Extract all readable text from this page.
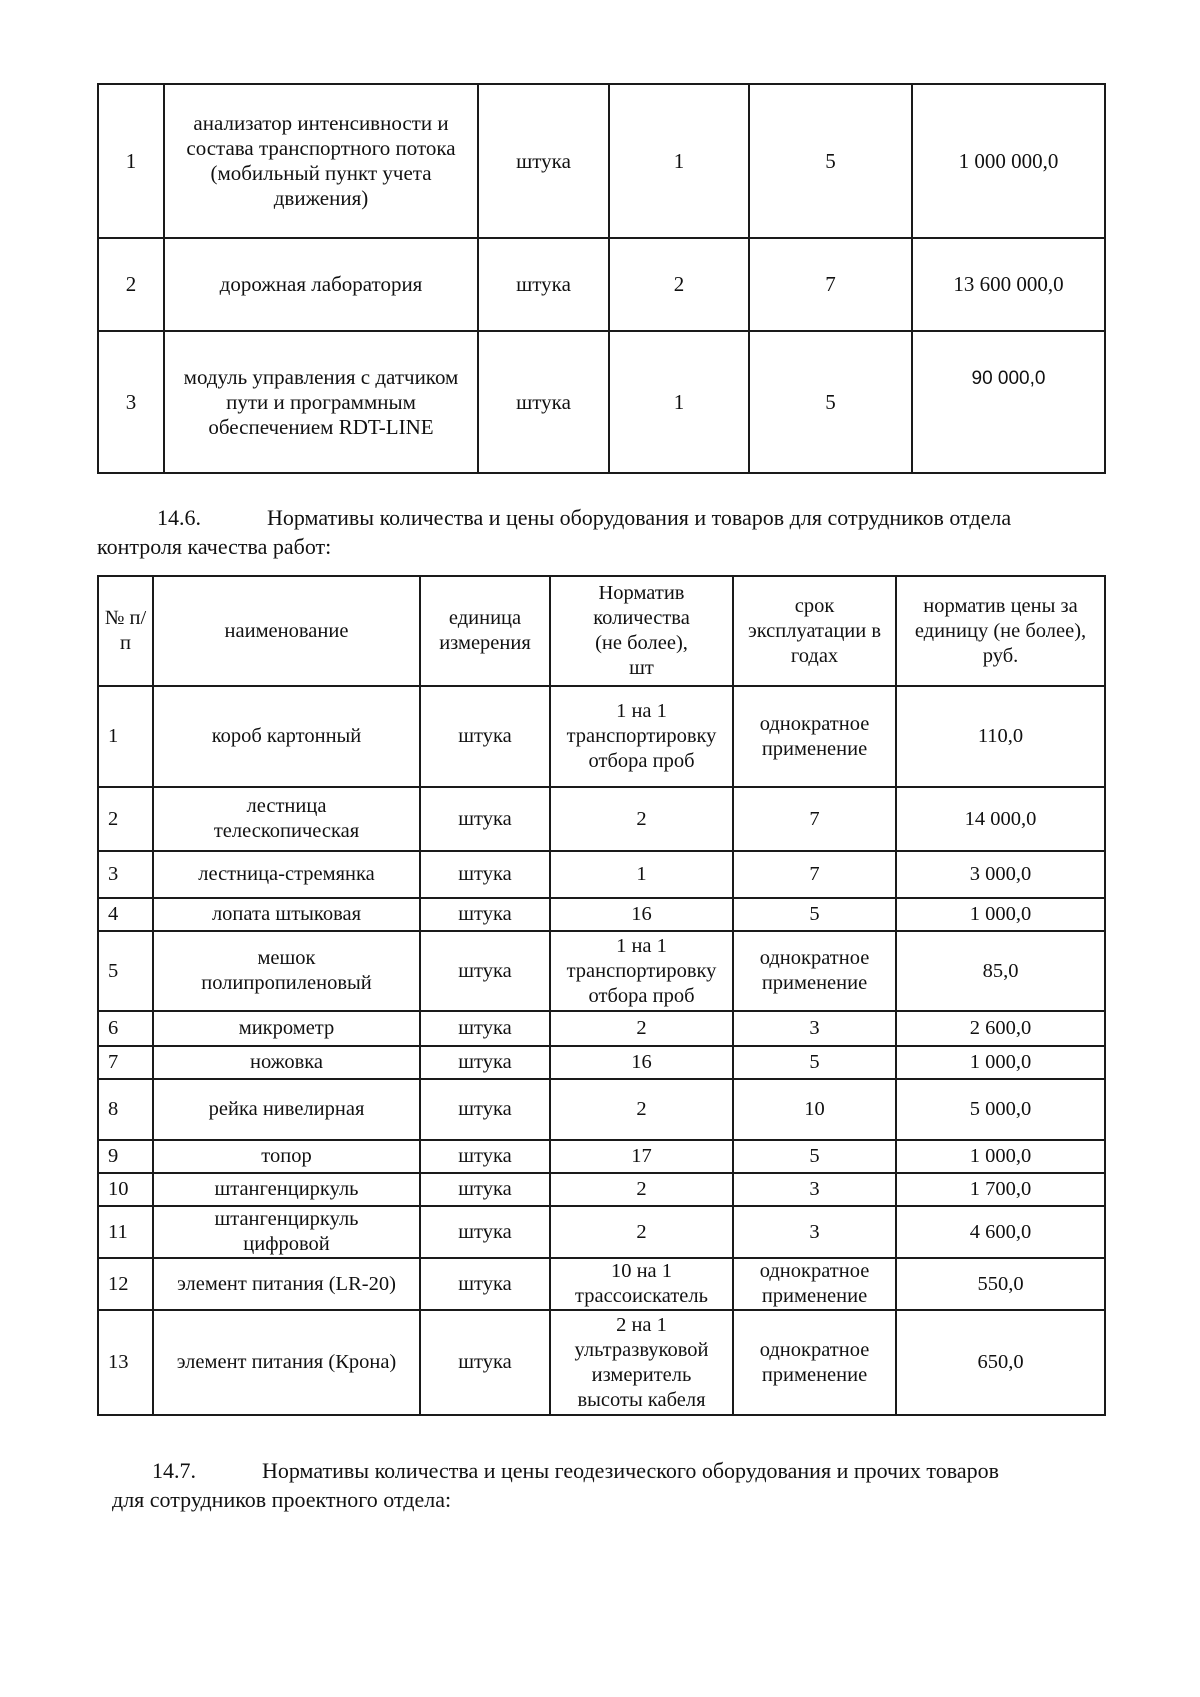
1	анализатор интенсивности и состава транспортного потока (мобильный пункт учета движения)	штука	1	5	1 000 000,0
2	дорожная лаборатория	штука	2	7	13 600 000,0
3	модуль управления с датчиком пути и программным обеспечением RDT-LINE	штука	1	5	90 000,0
14.6.	Нормативы количества и цены оборудования и товаров для сотрудников отдела
контроля качества работ:
№ п/п	наименование	единица измерения	Норматив количества (не более), шт	срок эксплуатации в годах	норматив цены за единицу (не более), руб.
1	короб картонный	штука	1 на 1 транспортировку отбора проб	однократное применение	110,0
2	лестница телескопическая	штука	2	7	14 000,0
3	лестница-стремянка	штука	1	7	3 000,0
4	лопата штыковая	штука	16	5	1 000,0
5	мешок полипропиленовый	штука	1 на 1 транспортировку отбора проб	однократное применение	85,0
6	микрометр	штука	2	3	2 600,0
7	ножовка	штука	16	5	1 000,0
8	рейка нивелирная	штука	2	10	5 000,0
9	топор	штука	17	5	1 000,0
10	штангенциркуль	штука	2	3	1 700,0
11	штангенциркуль цифровой	штука	2	3	4 600,0
12	элемент питания (LR-20)	штука	10 на 1 трассоискатель	однократное применение	550,0
13	элемент питания (Крона)	штука	2 на 1 ультразвуковой измеритель высоты кабеля	однократное применение	650,0
14.7.	Нормативы количества и цены геодезического оборудования и прочих товаров
для сотрудников проектного отдела:
